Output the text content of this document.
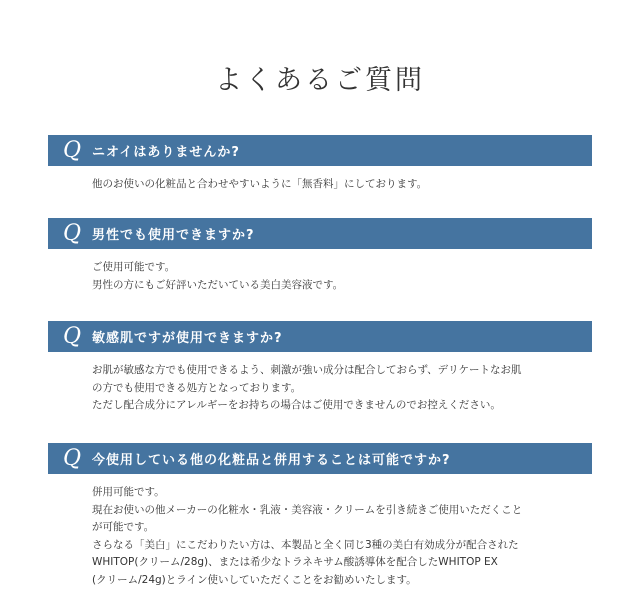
よくあるご質問
Q ニオイはありませんか?
他のお使いの化粧品と合わせやすいように「無香料」にしております。
Q 男性でも使用できますか?
ご使用可能です。
男性の方にもご好評いただいている美白美容液です。
Q 敏感肌ですが使用できますか?
お肌が敏感な方でも使用できるよう、刺激が強い成分は配合しておらず、デリケートなお肌
の方でも使用できる処方となっております。
ただし配合成分にアレルギーをお持ちの場合はご使用できませんのでお控えください。
Q 今使用している他の化粧品と併用することは可能ですか?
併用可能です。
現在お使いの他メーカーの化粧水・乳液・美容液・クリームを引き続きご使用いただくこと
が可能です。
さらなる「美白」にこだわりたい方は、本製品と全く同じ3種の美白有効成分が配合された
WHITOP(クリーム/28g)、または希少なトラネキサム酸誘導体を配合したWHITOP EX
(クリーム/24g)とライン使いしていただくことをお勧めいたします。
